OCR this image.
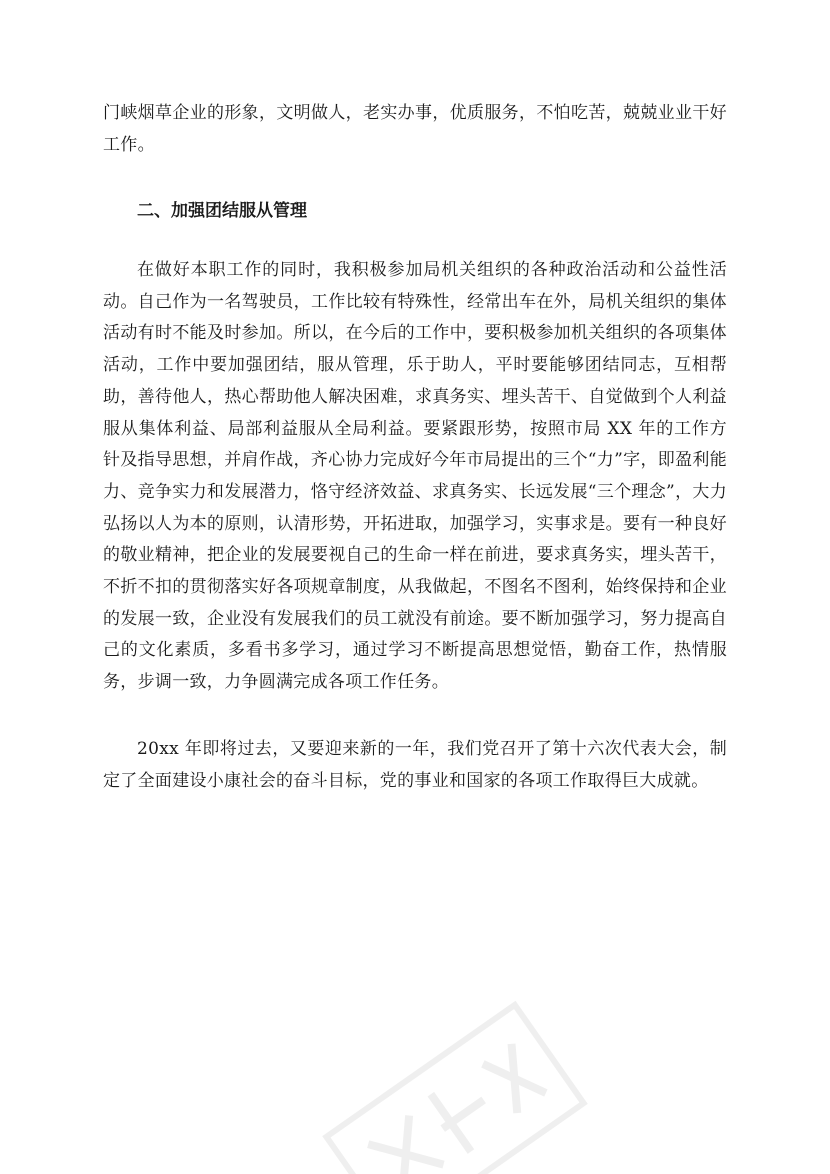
门峡烟草企业的形象，文明做人，老实办事，优质服务，不怕吃苦，兢兢业业干好工作。

二、加强团结服从管理

在做好本职工作的同时，我积极参加局机关组织的各种政治活动和公益性活动。自己作为一名驾驶员，工作比较有特殊性，经常出车在外，局机关组织的集体活动有时不能及时参加。所以，在今后的工作中，要积极参加机关组织的各项集体活动，工作中要加强团结，服从管理，乐于助人，平时要能够团结同志，互相帮助，善待他人，热心帮助他人解决困难，求真务实、埋头苦干、自觉做到个人利益服从集体利益、局部利益服从全局利益。要紧跟形势，按照市局 XX 年的工作方针及指导思想，并肩作战，齐心协力完成好今年市局提出的三个“力”字，即盈利能力、竞争实力和发展潜力，恪守经济效益、求真务实、长远发展“三个理念”，大力弘扬以人为本的原则，认清形势，开拓进取，加强学习，实事求是。要有一种良好的敬业精神，把企业的发展要视自己的生命一样在前进，要求真务实，埋头苦干，不折不扣的贯彻落实好各项规章制度，从我做起，不图名不图利，始终保持和企业的发展一致，企业没有发展我们的员工就没有前途。要不断加强学习，努力提高自己的文化素质，多看书多学习，通过学习不断提高思想觉悟，勤奋工作，热情服务，步调一致，力争圆满完成各项工作任务。

20xx 年即将过去，又要迎来新的一年，我们党召开了第十六次代表大会，制定了全面建设小康社会的奋斗目标，党的事业和国家的各项工作取得巨大成就。
